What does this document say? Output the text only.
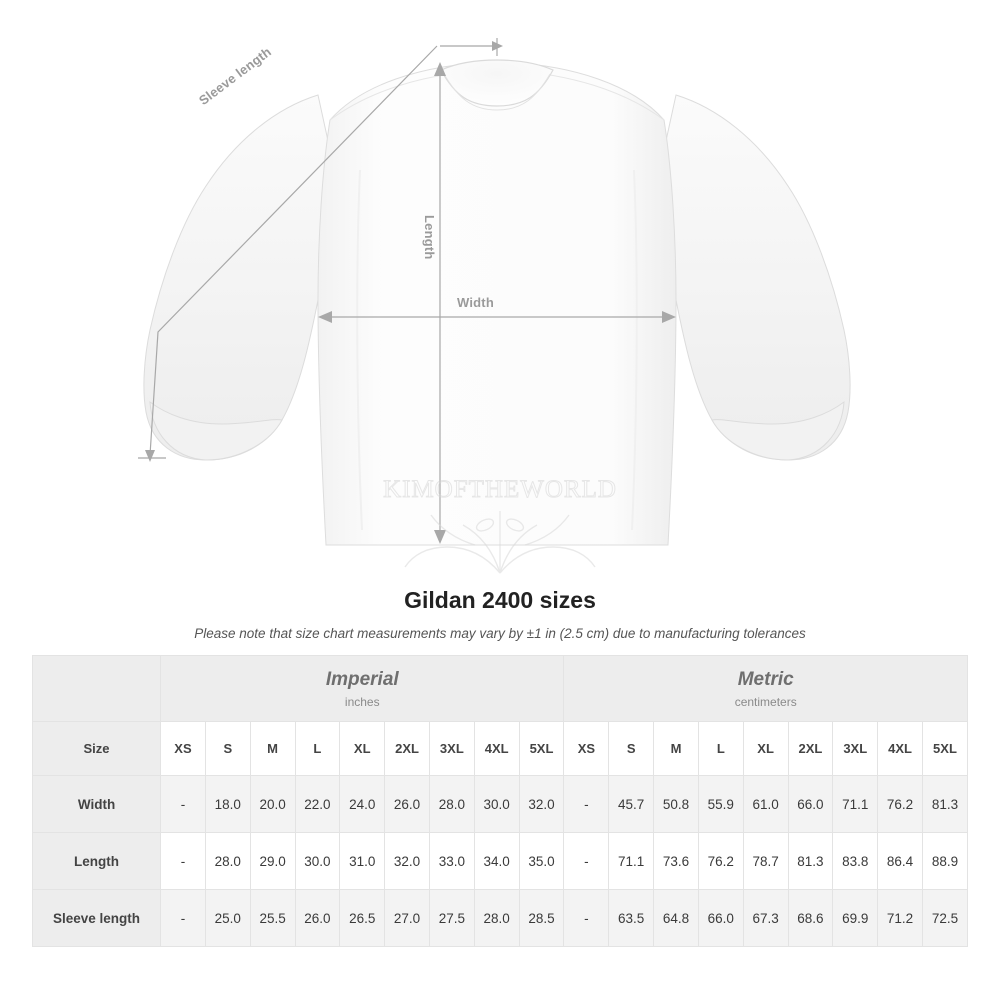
Sleeve length
Length
Width
KIMOFTHEWORLD
Gildan 2400 sizes
Please note that size chart measurements may vary by ±1 in (2.5 cm) due to manufacturing tolerances

Imperial
inches

Metric
centimeters

Size	XS	S	M	L	XL	2XL	3XL	4XL	5XL	XS	S	M	L	XL	2XL	3XL	4XL	5XL
Width	-	18.0	20.0	22.0	24.0	26.0	28.0	30.0	32.0	-	45.7	50.8	55.9	61.0	66.0	71.1	76.2	81.3
Length	-	28.0	29.0	30.0	31.0	32.0	33.0	34.0	35.0	-	71.1	73.6	76.2	78.7	81.3	83.8	86.4	88.9
Sleeve length	-	25.0	25.5	26.0	26.5	27.0	27.5	28.0	28.5	-	63.5	64.8	66.0	67.3	68.6	69.9	71.2	72.5
